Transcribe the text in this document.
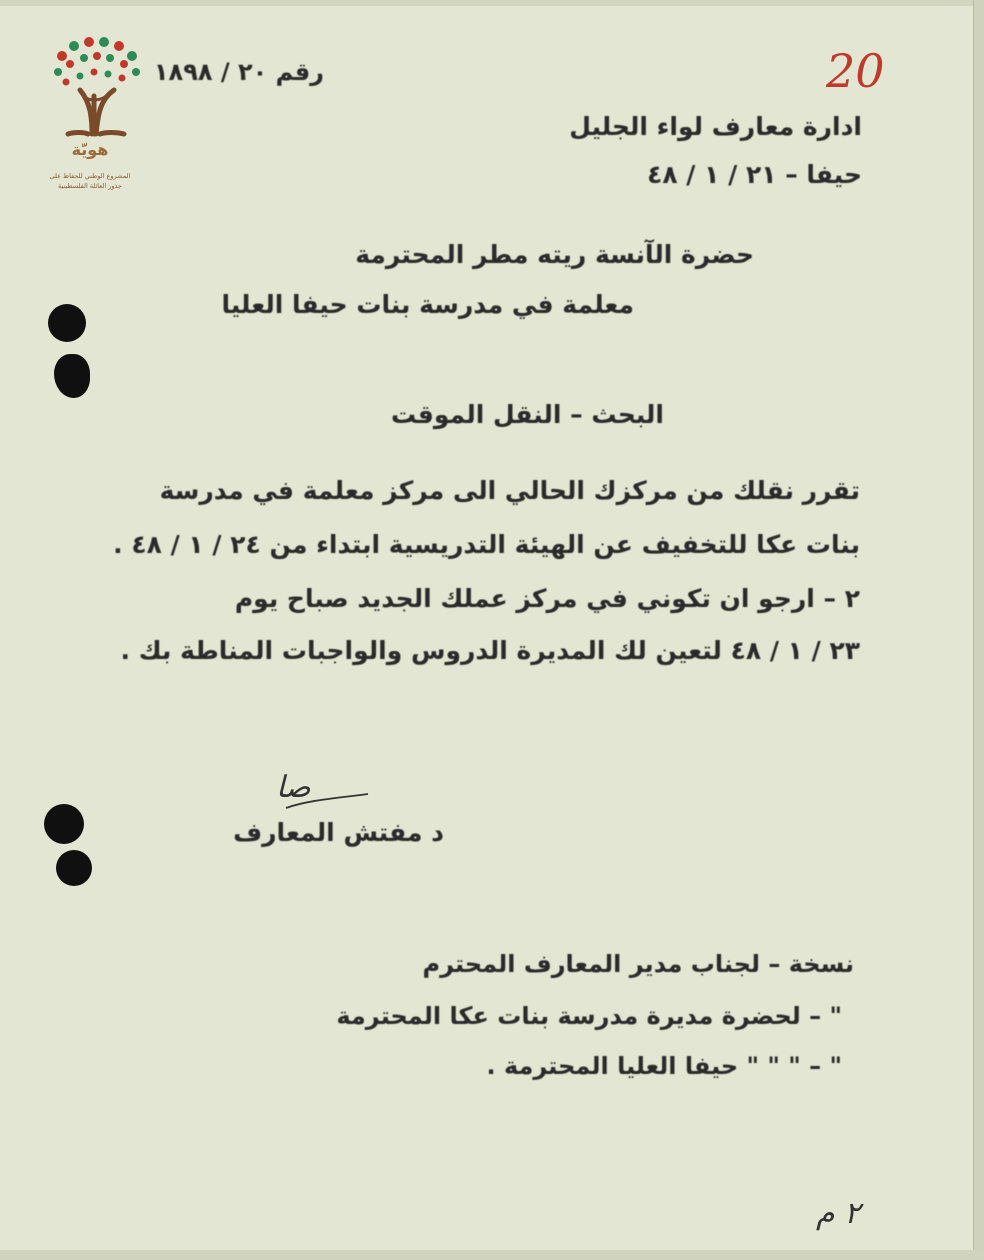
هويّة
المشروع الوطني للحفاظ على
جذور العائلة الفلسطينية
20
رقم ٢٠ / ١٨٩٨
ادارة معارف لواء الجليل
حيفا – ٢١ / ١ / ٤٨
حضرة الآنسة ريته مطر المحترمة
معلمة في مدرسة بنات حيفا العليا
البحث – النقل الموقت
تقرر نقلك من مركزك الحالي الى مركز معلمة في مدرسة
بنات عكا للتخفيف عن الهيئة التدريسية ابتداء من ٢٤ / ١ / ٤٨ .
٢ – ارجو ان تكوني في مركز عملك الجديد صباح يوم
٢٣ / ١ / ٤٨ لتعين لك المديرة الدروس والواجبات المناطة بك .
صا
د مفتش المعارف
نسخة – لجناب مدير المعارف المحترم
" – لحضرة مديرة مدرسة بنات عكا المحترمة
" – " " " حيفا العليا المحترمة .
٢ م
